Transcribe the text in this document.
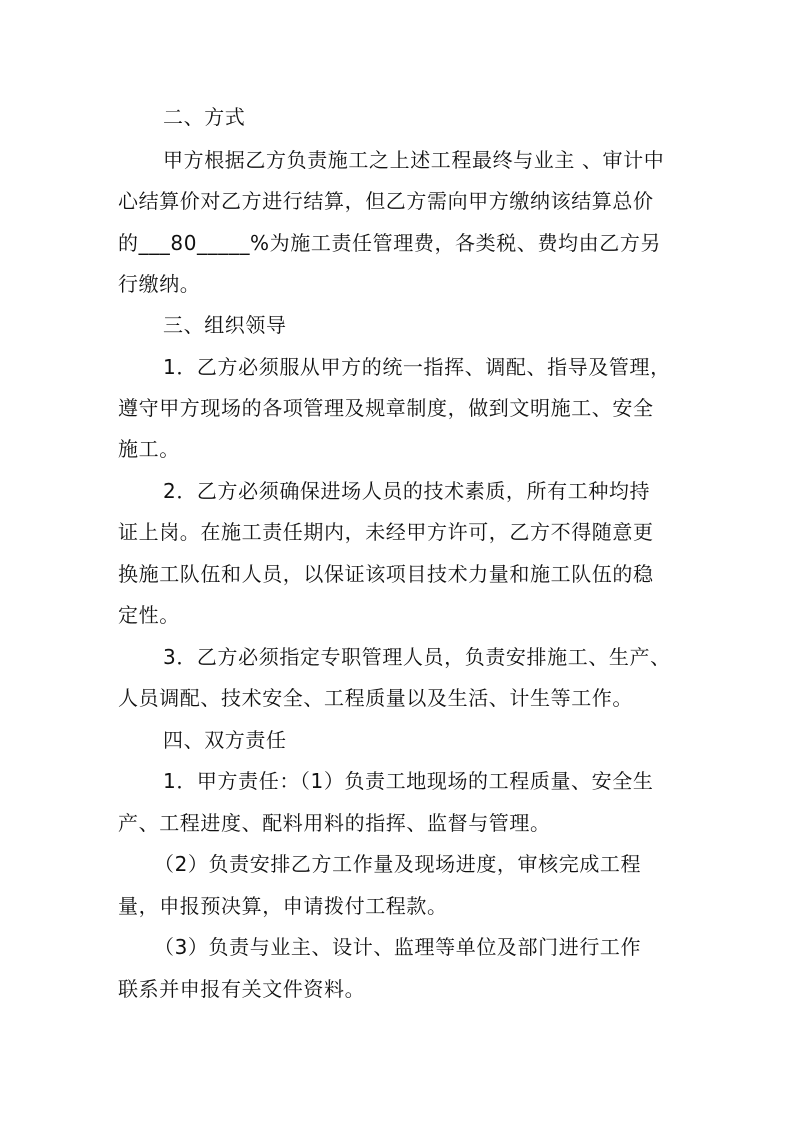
二、方式
甲方根据乙方负责施工之上述工程最终与业主 、审计中
心结算价对乙方进行结算，但乙方需向甲方缴纳该结算总价
的___80_____%为施工责任管理费，各类税、费均由乙方另
行缴纳。
三、组织领导
1．乙方必须服从甲方的统一指挥、调配、指导及管理，
遵守甲方现场的各项管理及规章制度，做到文明施工、安全
施工。
2．乙方必须确保进场人员的技术素质，所有工种均持
证上岗。在施工责任期内，未经甲方许可，乙方不得随意更
换施工队伍和人员，以保证该项目技术力量和施工队伍的稳
定性。
3．乙方必须指定专职管理人员，负责安排施工、生产、
人员调配、技术安全、工程质量以及生活、计生等工作。
四、双方责任
1．甲方责任：（1）负责工地现场的工程质量、安全生
产、工程进度、配料用料的指挥、监督与管理。
（2）负责安排乙方工作量及现场进度，审核完成工程
量，申报预决算，申请拨付工程款。
（3）负责与业主、设计、监理等单位及部门进行工作
联系并申报有关文件资料。
